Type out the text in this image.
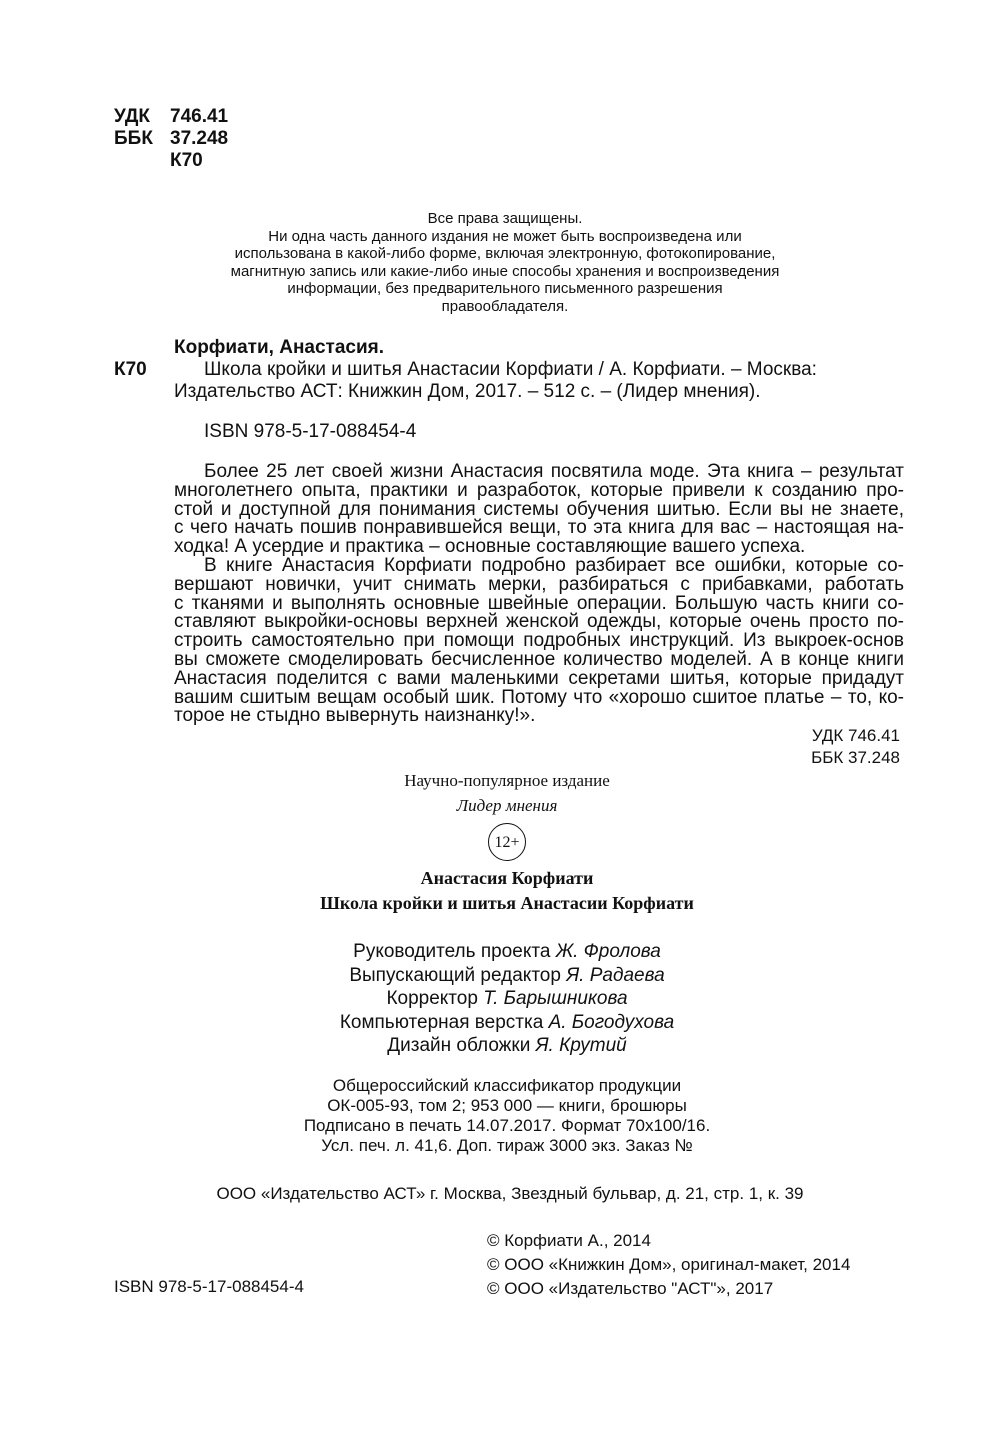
УДК 746.41
ББК 37.248
К70
Все права защищены.
Ни одна часть данного издания не может быть воспроизведена или
использована в какой-либо форме, включая электронную, фотокопирование,
магнитную запись или какие-либо иные способы хранения и воспроизведения
информации, без предварительного письменного разрешения
правообладателя.
Корфиати, Анастасия.
К70	Школа кройки и шитья Анастасии Корфиати / А. Корфиати. – Москва:
Издательство АСТ: Книжкин Дом, 2017. – 512 с. – (Лидер мнения).
ISBN 978-5-17-088454-4
Более 25 лет своей жизни Анастасия посвятила моде. Эта книга – результат
многолетнего опыта, практики и разработок, которые привели к созданию про-
стой и доступной для понимания системы обучения шитью. Если вы не знаете,
с чего начать пошив понравившейся вещи, то эта книга для вас – настоящая на-
ходка! А усердие и практика – основные составляющие вашего успеха.
В книге Анастасия Корфиати подробно разбирает все ошибки, которые со-
вершают новички, учит снимать мерки, разбираться с прибавками, работать
с тканями и выполнять основные швейные операции. Большую часть книги со-
ставляют выкройки-основы верхней женской одежды, которые очень просто по-
строить самостоятельно при помощи подробных инструкций. Из выкроек-основ
вы сможете смоделировать бесчисленное количество моделей. А в конце книги
Анастасия поделится с вами маленькими секретами шитья, которые придадут
вашим сшитым вещам особый шик. Потому что «хорошо сшитое платье – то, ко-
торое не стыдно вывернуть наизнанку!».
УДК 746.41
ББК 37.248
Научно-популярное издание
Лидер мнения
12+
Анастасия Корфиати
Школа кройки и шитья Анастасии Корфиати
Руководитель проекта Ж. Фролова
Выпускающий редактор Я. Радаева
Корректор Т. Барышникова
Компьютерная верстка А. Богодухова
Дизайн обложки Я. Крутий
Общероссийский классификатор продукции
ОК-005-93, том 2; 953 000 — книги, брошюры
Подписано в печать 14.07.2017. Формат 70х100/16.
Усл. печ. л. 41,6. Доп. тираж 3000 экз. Заказ №
ООО «Издательство АСТ» г. Москва, Звездный бульвар, д. 21, стр. 1, к. 39
© Корфиати А., 2014
© ООО «Книжкин Дом», оригинал-макет, 2014
© ООО «Издательство "АСТ"», 2017
ISBN 978-5-17-088454-4
